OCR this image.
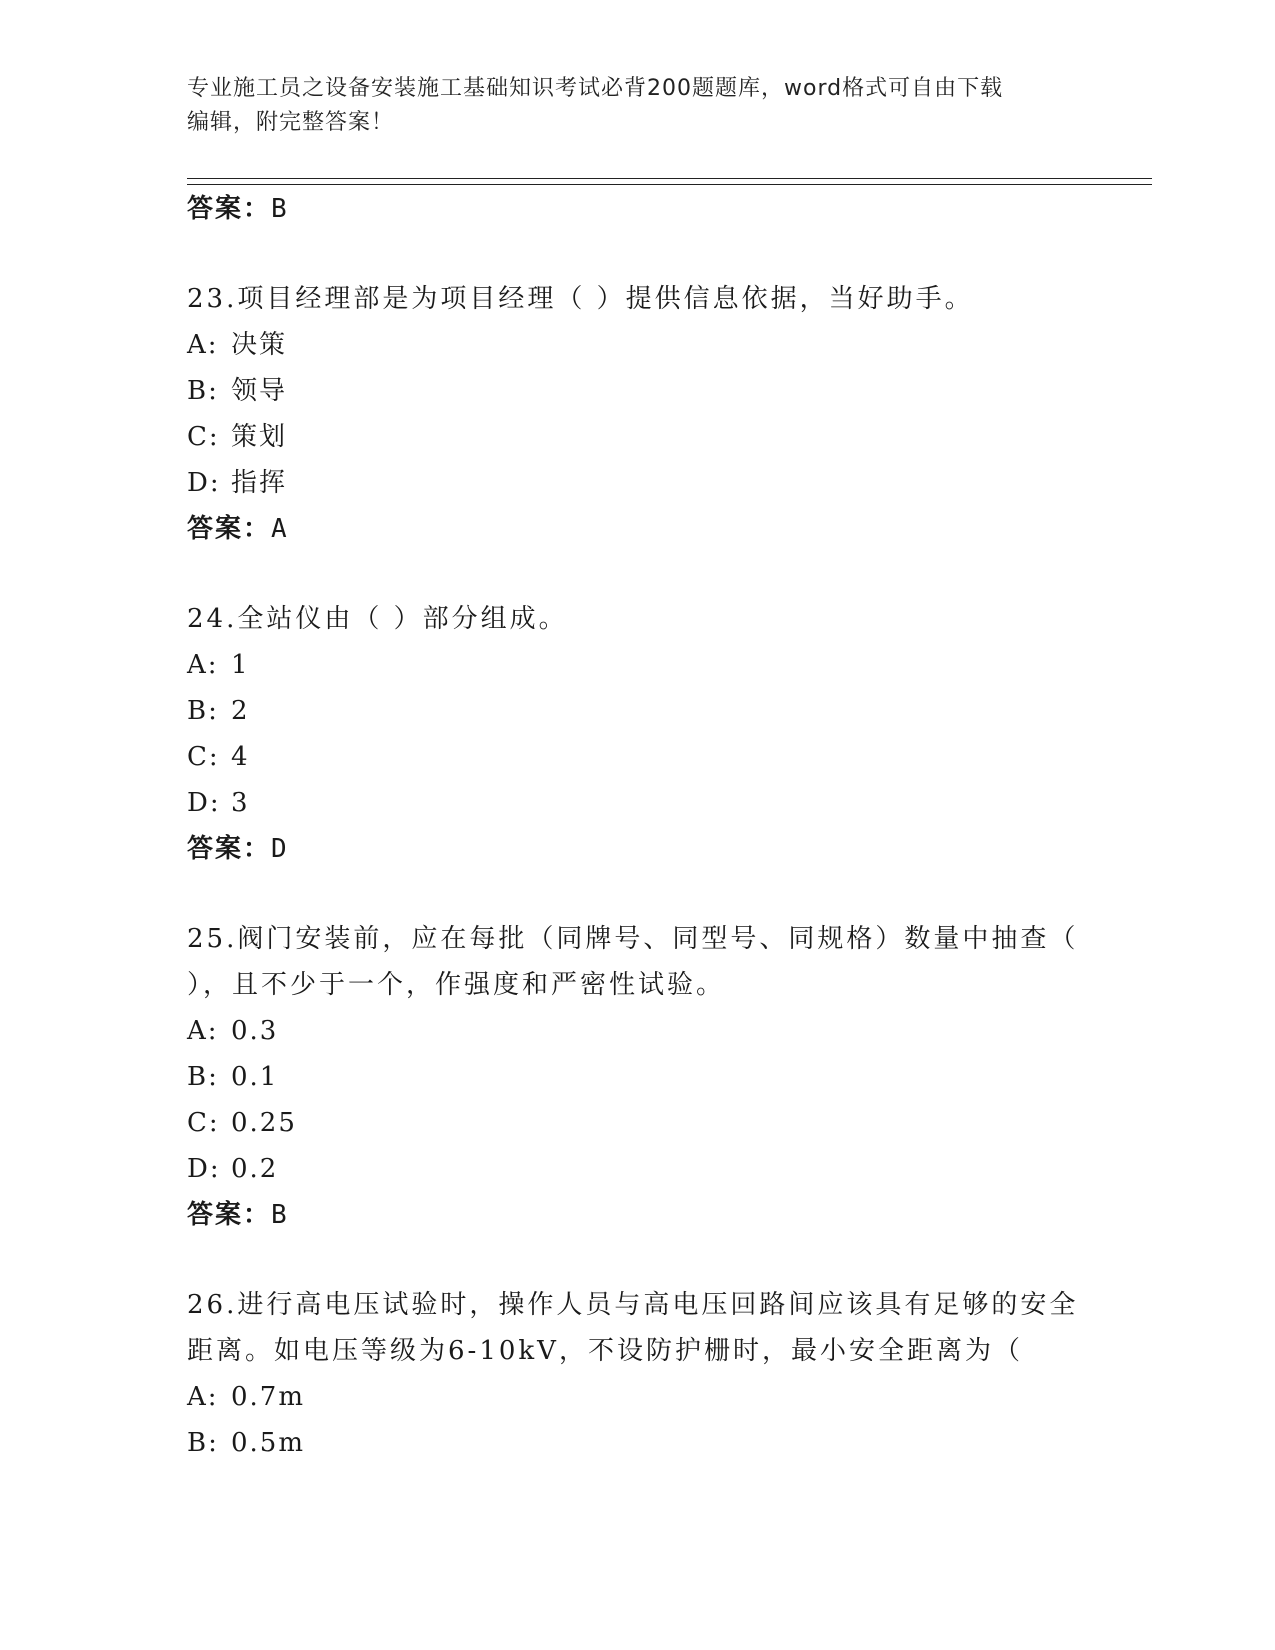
专业施工员之设备安装施工基础知识考试必背200题题库，word格式可自由下载
编辑，附完整答案！
答案：B
23.项目经理部是为项目经理（ ）提供信息依据，当好助手。
A: 决策
B: 领导
C: 策划
D: 指挥
答案：A
24.全站仪由（ ）部分组成。
A: 1
B: 2
C: 4
D: 3
答案：D
25.阀门安装前，应在每批（同牌号、同型号、同规格）数量中抽查（
），且不少于一个，作强度和严密性试验。
A: 0.3
B: 0.1
C: 0.25
D: 0.2
答案：B
26.进行高电压试验时，操作人员与高电压回路间应该具有足够的安全
距离。如电压等级为6-10kV，不设防护栅时，最小安全距离为（
A: 0.7m
B: 0.5m
